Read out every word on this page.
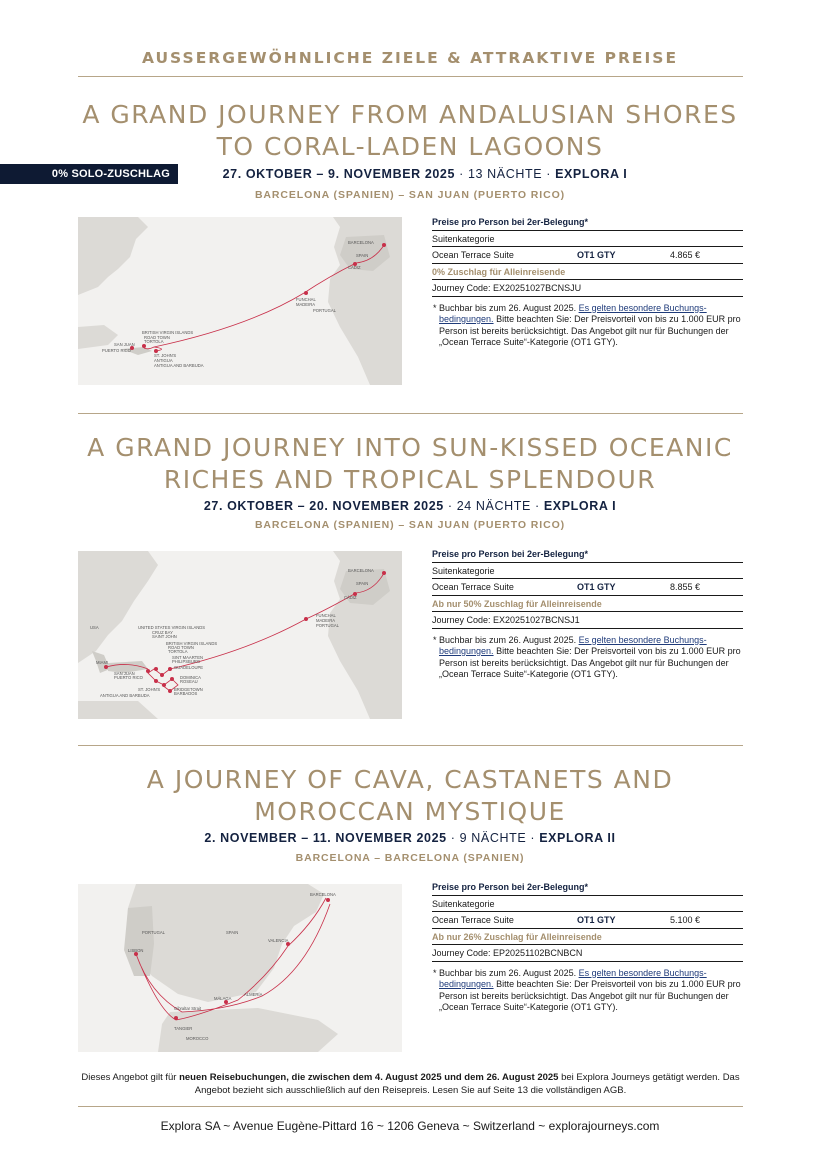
AUSSERGEWÖHNLICHE ZIELE & ATTRAKTIVE PREISE
A GRAND JOURNEY FROM ANDALUSIAN SHORES
TO CORAL-LADEN LAGOONS
0% SOLO-ZUSCHLAG	27. OKTOBER – 9. NOVEMBER 2025 · 13 NÄCHTE · EXPLORA I
BARCELONA (SPANIEN) – SAN JUAN (PUERTO RICO)
BARCELONA
SPAIN
CÁDIZ
FUNCHAL
MADEIRA
PORTUGAL
BRITISH VIRGIN ISLANDS
ROAD TOWN
TORTOLA
SAN JUAN
PUERTO RICO
ST. JOHN'S
ANTIGUA
ANTIGUA AND BARBUDA
Preise pro Person bei 2er-Belegung*
Suitenkategorie
Ocean Terrace Suite	OT1 GTY	4.865 €
0% Zuschlag für Alleinreisende
Journey Code: EX20251027BCNSJU
* Buchbar bis zum 26. August 2025. Es gelten besondere Buchungs-bedingungen. Bitte beachten Sie: Der Preisvorteil von bis zu 1.000 EUR pro Person ist bereits berücksichtigt. Das Angebot gilt nur für Buchungen der „Ocean Terrace Suite“-Kategorie (OT1 GTY).
A GRAND JOURNEY INTO SUN-KISSED OCEANIC
RICHES AND TROPICAL SPLENDOUR
27. OKTOBER – 20. NOVEMBER 2025 · 24 NÄCHTE · EXPLORA I
BARCELONA (SPANIEN) – SAN JUAN (PUERTO RICO)
BARCELONA
SPAIN
CÁDIZ
FUNCHAL
MADEIRA
PORTUGAL
USA
MIAMI
UNITED STATES VIRGIN ISLANDS
CRUZ BAY
SAINT JOHN
BRITISH VIRGIN ISLANDS
ROAD TOWN
TORTOLA
SINT MAARTEN
PHILIPSBURG
GUADELOUPE
DOMINICA
ROSEAU
BRIDGETOWN
BARBADOS
SAN JUAN
PUERTO RICO
ST. JOHN'S
ANTIGUA AND BARBUDA
Preise pro Person bei 2er-Belegung*
Suitenkategorie
Ocean Terrace Suite	OT1 GTY	8.855 €
Ab nur 50% Zuschlag für Alleinreisende
Journey Code: EX20251027BCNSJ1
* Buchbar bis zum 26. August 2025. Es gelten besondere Buchungs-bedingungen. Bitte beachten Sie: Der Preisvorteil von bis zu 1.000 EUR pro Person ist bereits berücksichtigt. Das Angebot gilt nur für Buchungen der „Ocean Terrace Suite“-Kategorie (OT1 GTY).
A JOURNEY OF CAVA, CASTANETS AND
MOROCCAN MYSTIQUE
2. NOVEMBER – 11. NOVEMBER 2025 · 9 NÄCHTE · EXPLORA II
BARCELONA – BARCELONA (SPANIEN)
BARCELONA
PORTUGAL	SPAIN
VALENCIA
LISBON
MÁLAGA
ALMERÍA
TANGIER
MOROCCO
Gibraltar Strait
Preise pro Person bei 2er-Belegung*
Suitenkategorie
Ocean Terrace Suite	OT1 GTY	5.100 €
Ab nur 26% Zuschlag für Alleinreisende
Journey Code: EP20251102BCNBCN
* Buchbar bis zum 26. August 2025. Es gelten besondere Buchungs-bedingungen. Bitte beachten Sie: Der Preisvorteil von bis zu 1.000 EUR pro Person ist bereits berücksichtigt. Das Angebot gilt nur für Buchungen der „Ocean Terrace Suite“-Kategorie (OT1 GTY).
Dieses Angebot gilt für neuen Reisebuchungen, die zwischen dem 4. August 2025 und dem 26. August 2025 bei Explora Journeys getätigt werden. Das Angebot bezieht sich ausschließlich auf den Reisepreis. Lesen Sie auf Seite 13 die vollständigen AGB.
Explora SA ~ Avenue Eugène-Pittard 16 ~ 1206 Geneva ~ Switzerland ~ explorajourneys.com
